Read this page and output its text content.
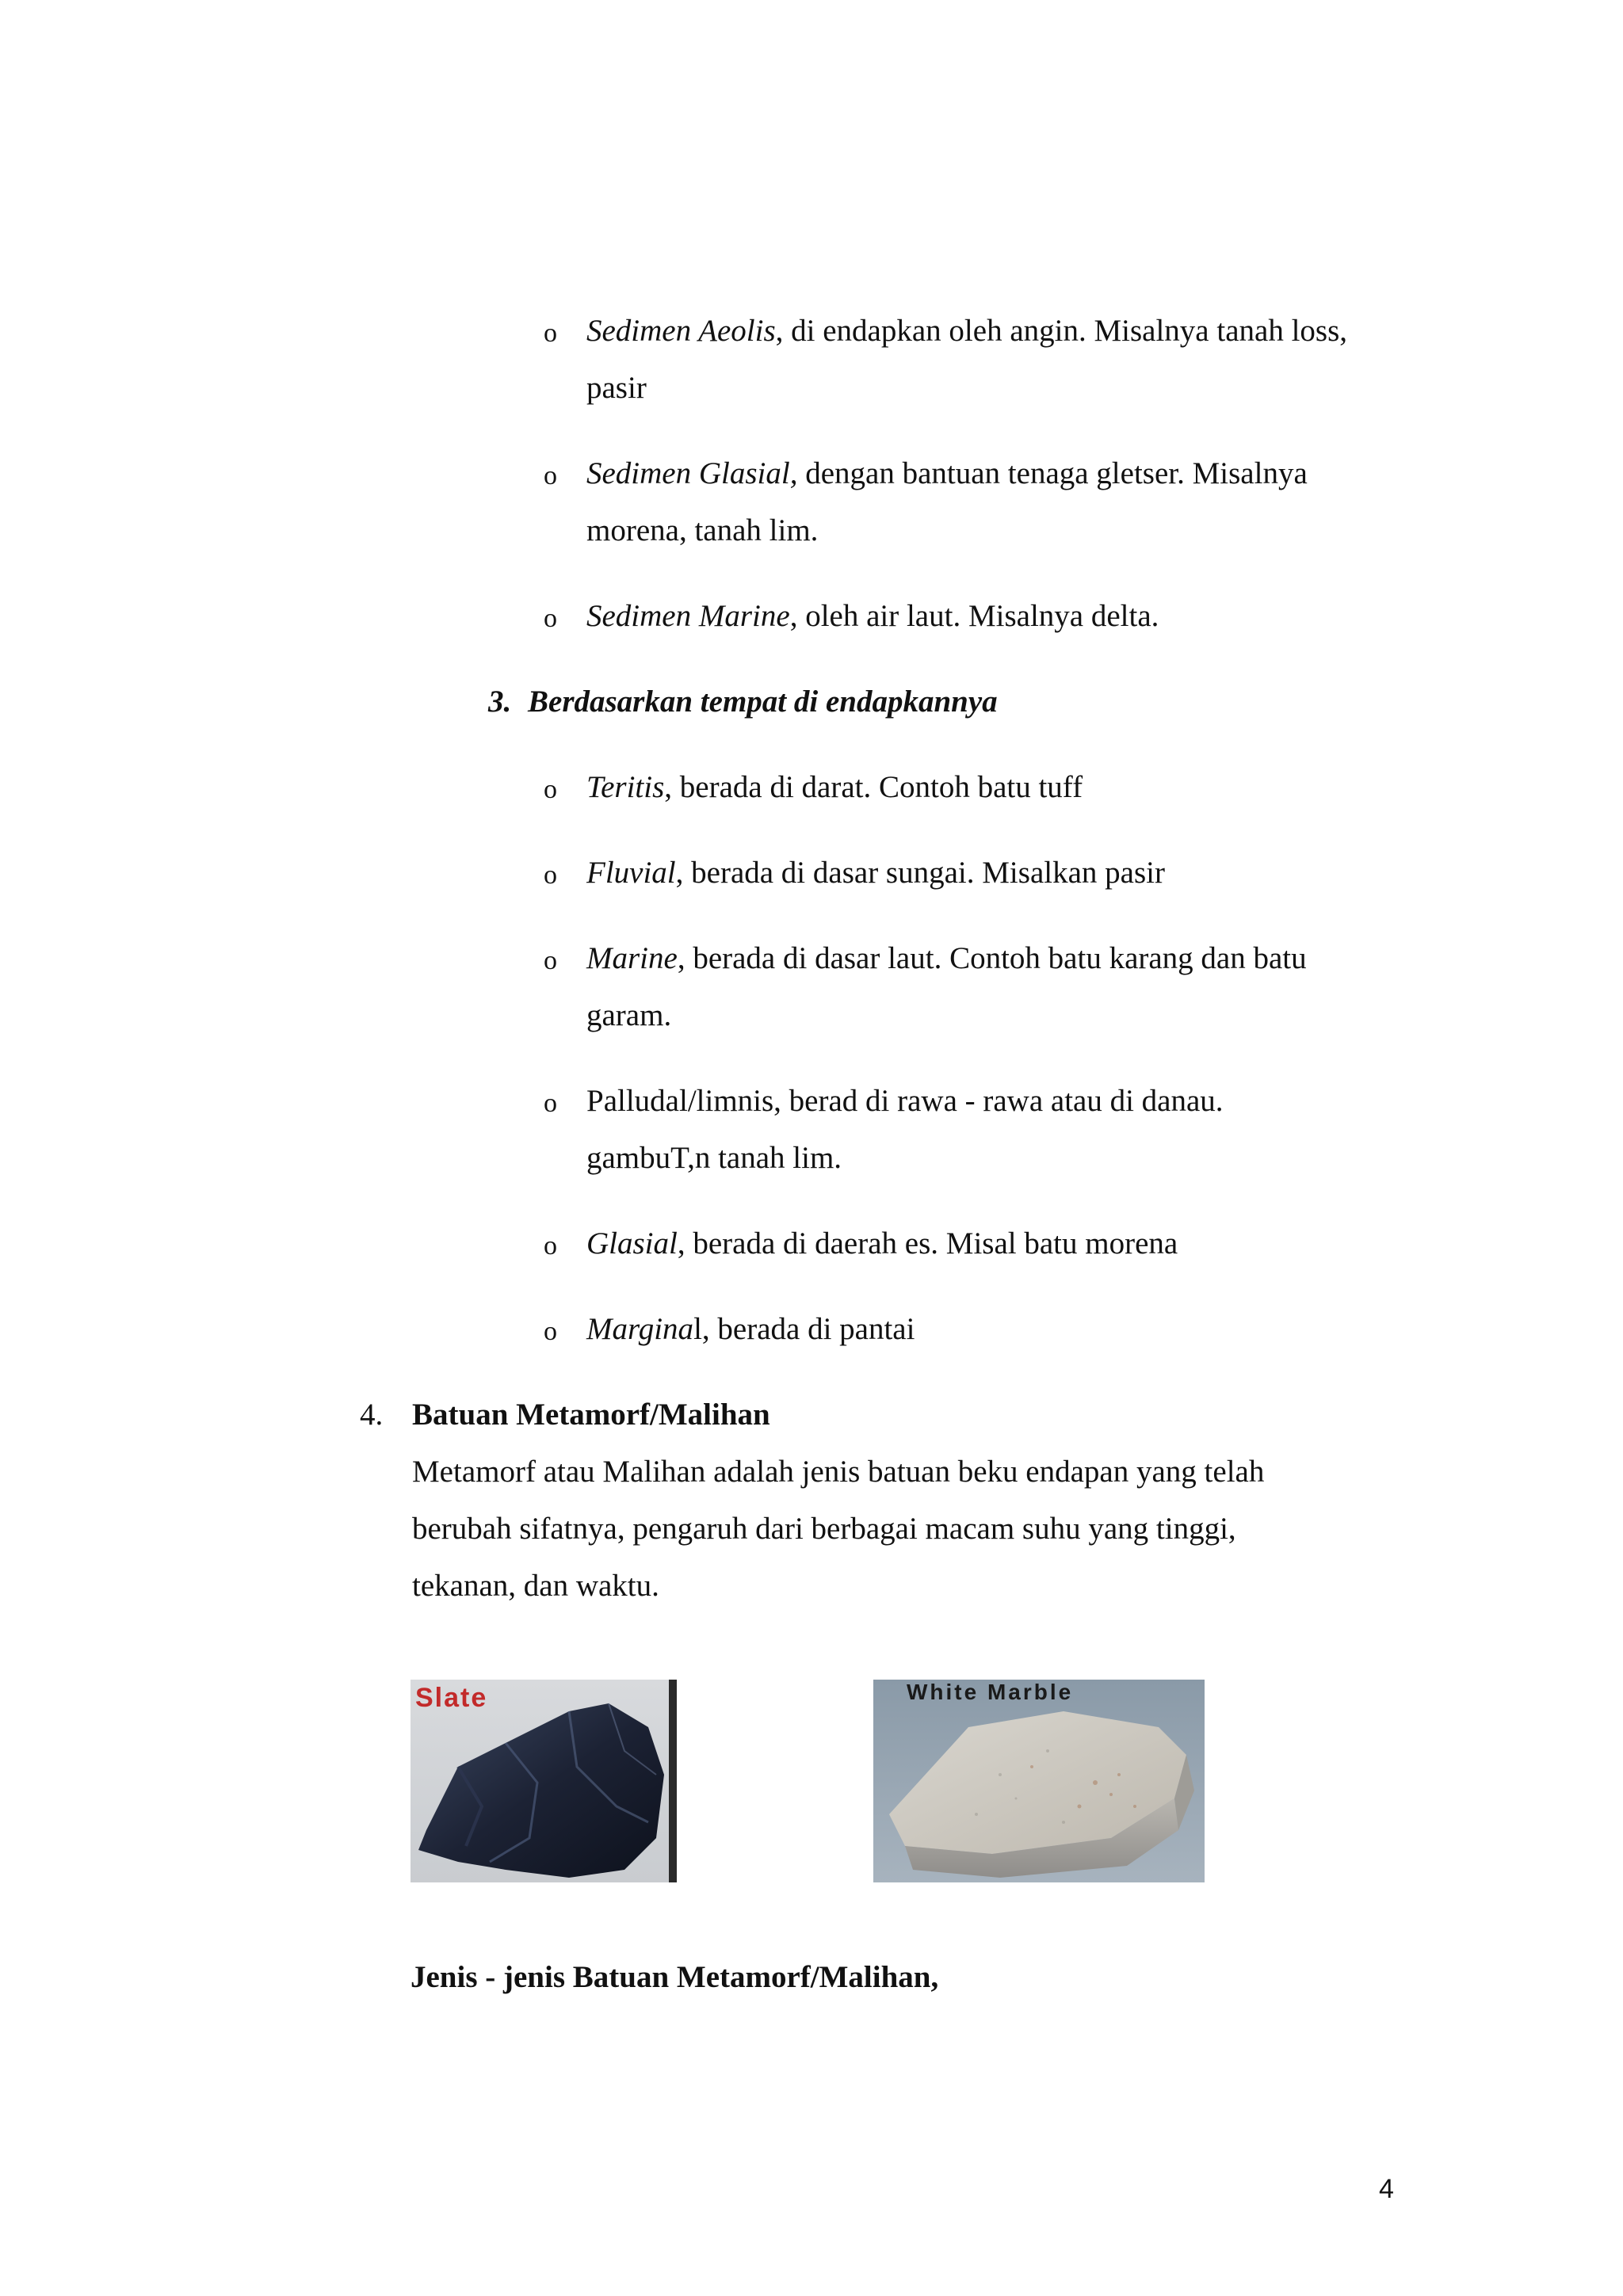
o Sedimen Aeolis, di endapkan oleh angin. Misalnya tanah loss,
pasir
o Sedimen Glasial, dengan bantuan tenaga gletser. Misalnya
morena, tanah lim.
o Sedimen Marine, oleh air laut. Misalnya delta.
3. Berdasarkan tempat di endapkannya
o Teritis, berada di darat. Contoh batu tuff
o Fluvial, berada di dasar sungai. Misalkan pasir
o Marine, berada di dasar laut. Contoh batu karang dan batu
garam.
o Palludal/limnis, berad di rawa - rawa atau di danau.
gambuT,n tanah lim.
o Glasial, berada di daerah es. Misal batu morena
o Marginal, berada di pantai
4. Batuan Metamorf/Malihan
Metamorf atau Malihan adalah jenis batuan beku endapan yang telah
berubah sifatnya, pengaruh dari berbagai macam suhu yang tinggi,
tekanan, dan waktu.
Slate	White Marble
Jenis - jenis Batuan Metamorf/Malihan,
4
